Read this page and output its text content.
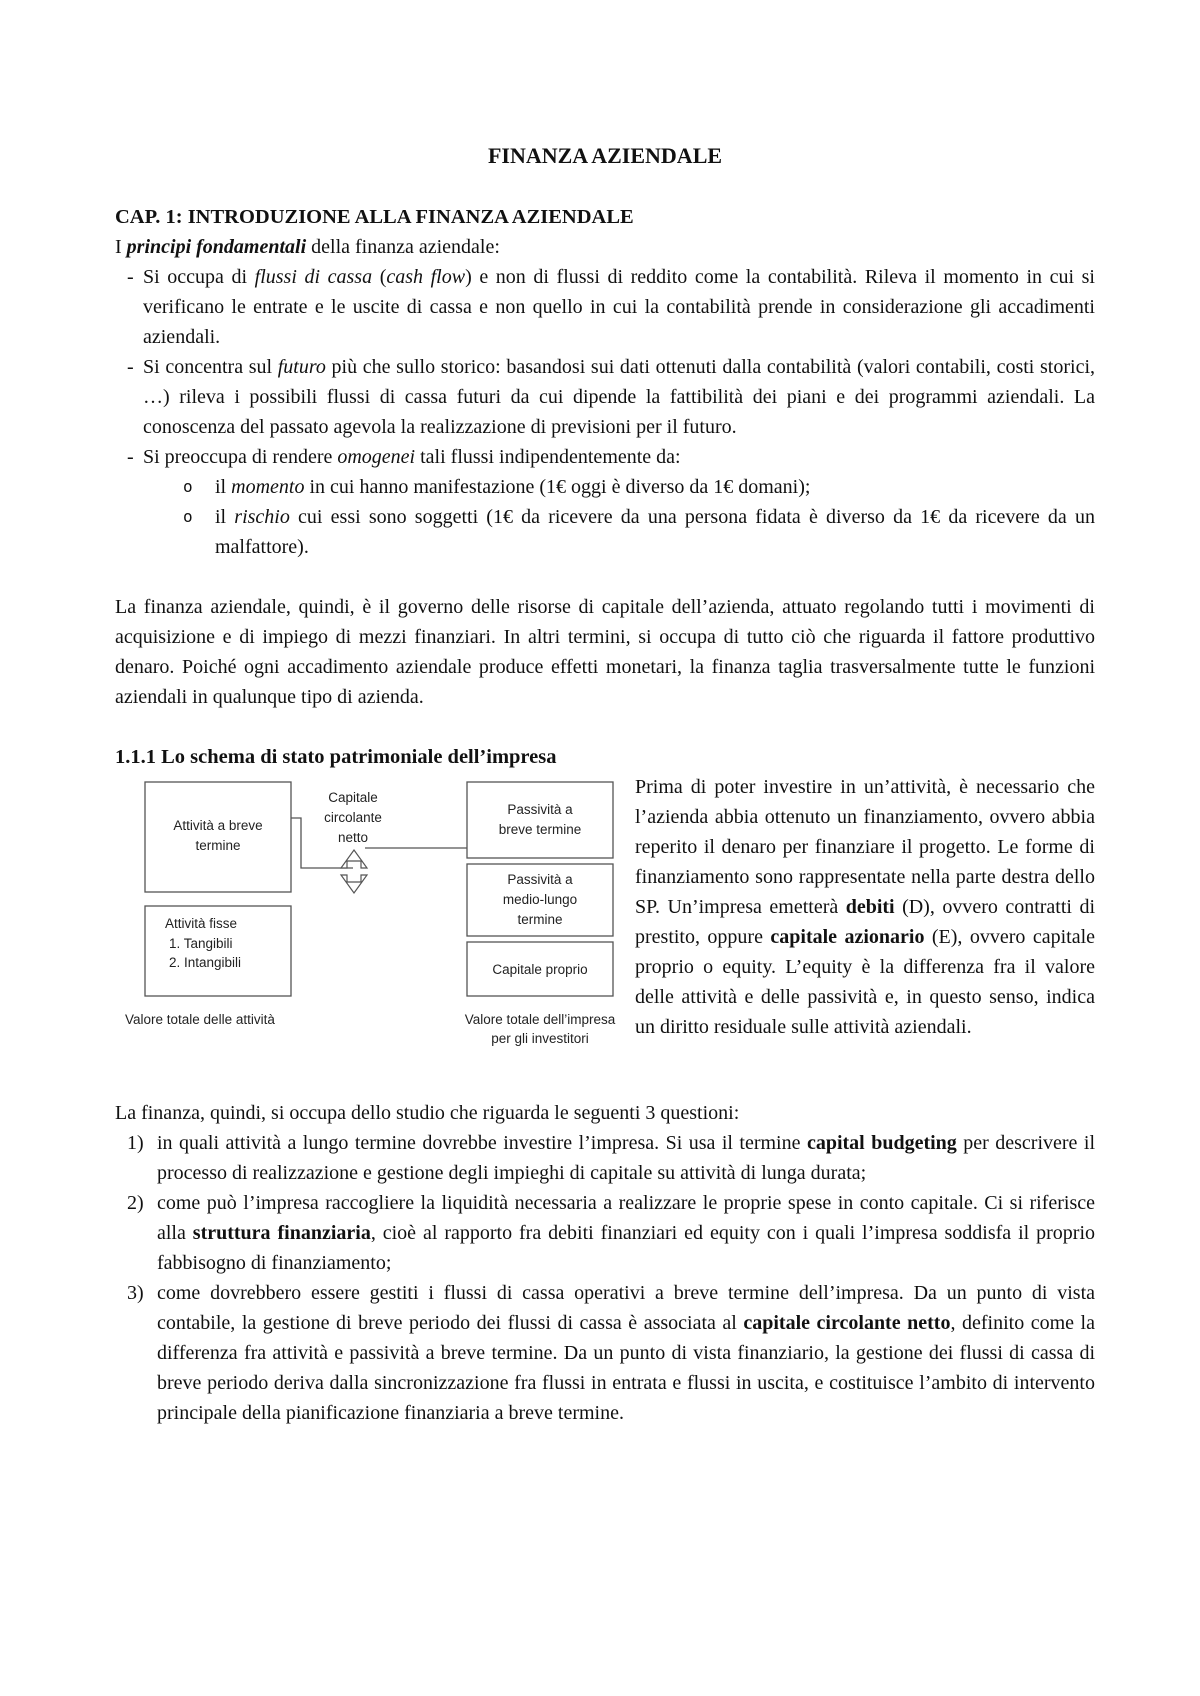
FINANZA AZIENDALE

CAP. 1: INTRODUZIONE ALLA FINANZA AZIENDALE

I principi fondamentali della finanza aziendale:

- Si occupa di flussi di cassa (cash flow) e non di flussi di reddito come la contabilità. Rileva il momento in cui si verificano le entrate e le uscite di cassa e non quello in cui la contabilità prende in considerazione gli accadimenti aziendali.
- Si concentra sul futuro più che sullo storico: basandosi sui dati ottenuti dalla contabilità (valori contabili, costi storici, …) rileva i possibili flussi di cassa futuri da cui dipende la fattibilità dei piani e dei programmi aziendali. La conoscenza del passato agevola la realizzazione di previsioni per il futuro.
- Si preoccupa di rendere omogenei tali flussi indipendentemente da:
o il momento in cui hanno manifestazione (1€ oggi è diverso da 1€ domani);
o il rischio cui essi sono soggetti (1€ da ricevere da una persona fidata è diverso da 1€ da ricevere da un malfattore).

La finanza aziendale, quindi, è il governo delle risorse di capitale dell’azienda, attuato regolando tutti i movimenti di acquisizione e di impiego di mezzi finanziari. In altri termini, si occupa di tutto ciò che riguarda il fattore produttivo denaro. Poiché ogni accadimento aziendale produce effetti monetari, la finanza taglia trasversalmente tutte le funzioni aziendali in qualunque tipo di azienda.

1.1.1 Lo schema di stato patrimoniale dell’impresa

Attività a breve
termine
Capitale
circolante
netto
Passività a
breve termine
Passività a
medio-lungo
termine
Attività fisse
1. Tangibili
2. Intangibili	Capitale proprio
Valore totale delle attività	Valore totale dell’impresa
per gli investitori

Prima di poter investire in un’attività, è necessario che l’azienda abbia ottenuto un finanziamento, ovvero abbia reperito il denaro per finanziare il progetto. Le forme di finanziamento sono rappresentate nella parte destra dello SP. Un’impresa emetterà debiti (D), ovvero contratti di prestito, oppure capitale azionario (E), ovvero capitale proprio o equity. L’equity è la differenza fra il valore delle attività e delle passività e, in questo senso, indica un diritto residuale sulle attività aziendali.

La finanza, quindi, si occupa dello studio che riguarda le seguenti 3 questioni:

1) in quali attività a lungo termine dovrebbe investire l’impresa. Si usa il termine capital budgeting per descrivere il processo di realizzazione e gestione degli impieghi di capitale su attività di lunga durata;
2) come può l’impresa raccogliere la liquidità necessaria a realizzare le proprie spese in conto capitale. Ci si riferisce alla struttura finanziaria, cioè al rapporto fra debiti finanziari ed equity con i quali l’impresa soddisfa il proprio fabbisogno di finanziamento;
3) come dovrebbero essere gestiti i flussi di cassa operativi a breve termine dell’impresa. Da un punto di vista contabile, la gestione di breve periodo dei flussi di cassa è associata al capitale circolante netto, definito come la differenza fra attività e passività a breve termine. Da un punto di vista finanziario, la gestione dei flussi di cassa di breve periodo deriva dalla sincronizzazione fra flussi in entrata e flussi in uscita, e costituisce l’ambito di intervento principale della pianificazione finanziaria a breve termine.
